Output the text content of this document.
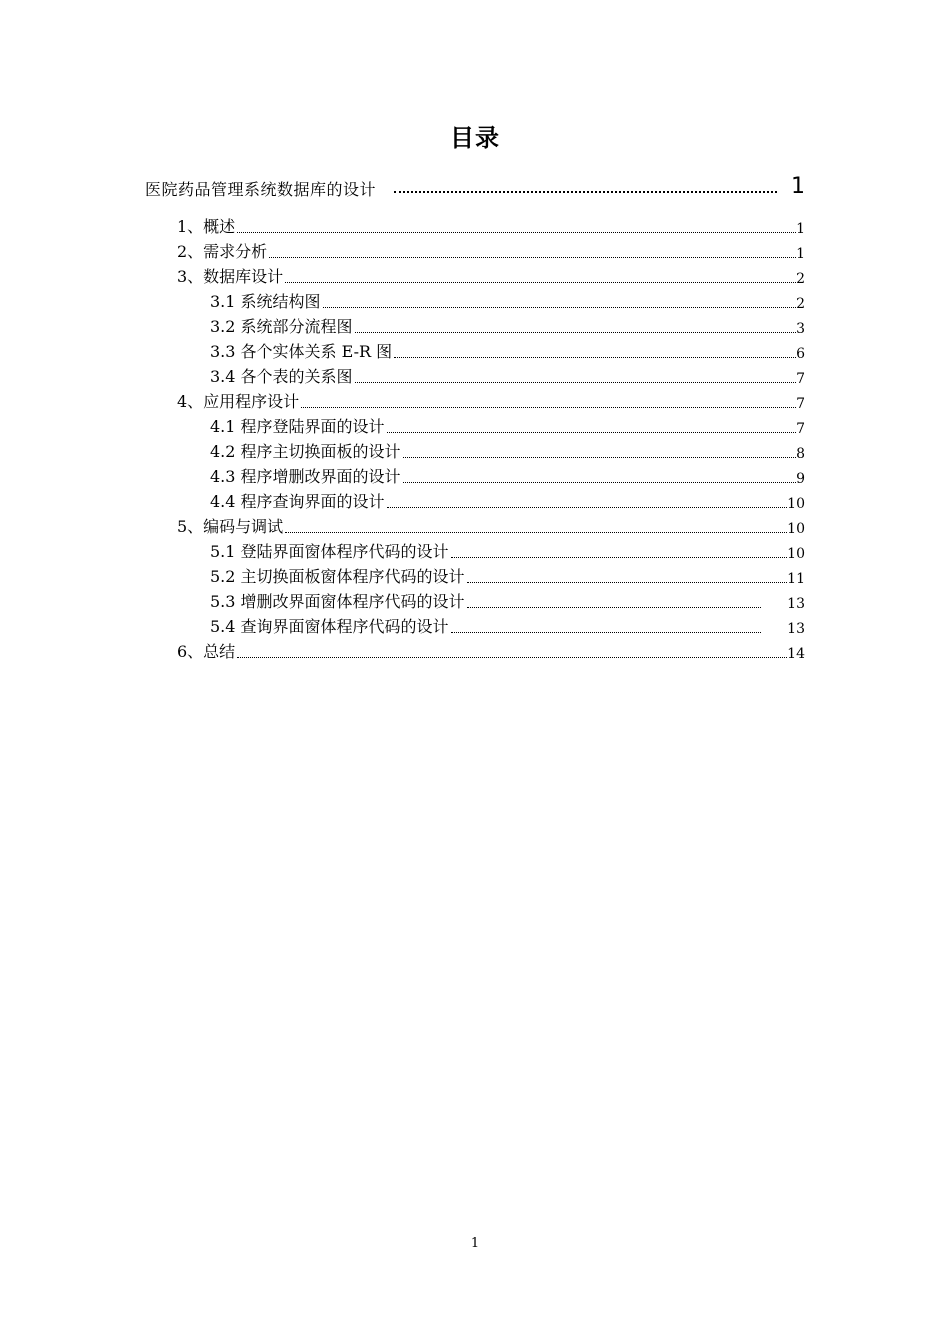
目录
医院药品管理系统数据库的设计	1
1、概述	1
2、需求分析	1
3、数据库设计	2
3.1 系统结构图	2
3.2 系统部分流程图	3
3.3 各个实体关系 E-R 图	6
3.4 各个表的关系图	7
4、应用程序设计	7
4.1 程序登陆界面的设计	7
4.2 程序主切换面板的设计	8
4.3 程序增删改界面的设计	9
4.4 程序查询界面的设计	10
5、编码与调试	10
5.1 登陆界面窗体程序代码的设计	10
5.2 主切换面板窗体程序代码的设计	11
5.3 增删改界面窗体程序代码的设计	13
5.4 查询界面窗体程序代码的设计	13
6、总结	14
1
